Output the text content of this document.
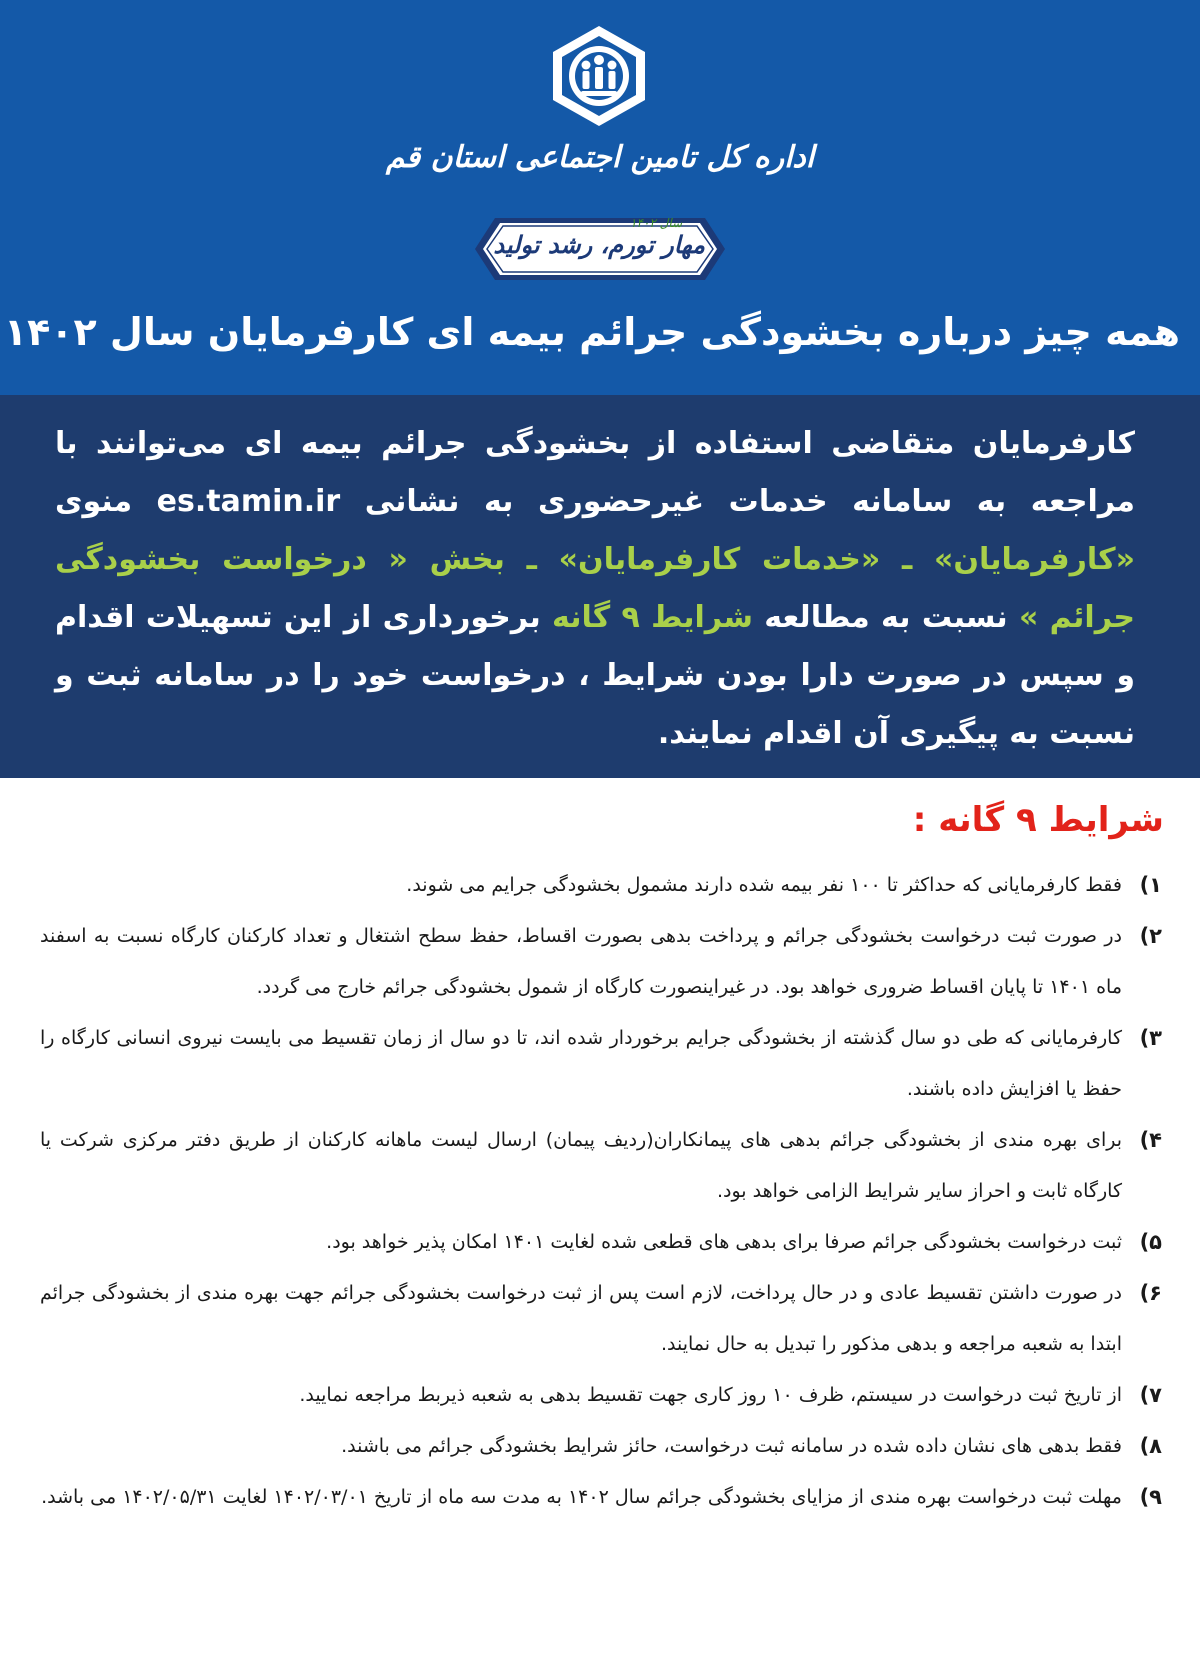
اداره کل تامین اجتماعی استان قم
سال ۱۴۰۲
مهار تورم، رشد تولید
همه چیز درباره بخشودگی جرائم بیمه ای کارفرمایان سال ۱۴۰۲
کارفرمایان متقاضی استفاده از بخشودگی جرائم بیمه ای می‌توانند با مراجعه به سامانه خدمات غیرحضوری به نشانی es.tamin.ir منوی «کارفرمایان» ـ «خدمات کارفرمایان» ـ بخش « درخواست بخشودگی جرائم » نسبت به مطالعه شرایط ۹ گانه برخورداری از این تسهیلات اقدام و سپس در صورت دارا بودن شرایط ، درخواست خود را در سامانه ثبت و نسبت به پیگیری آن اقدام نمایند.
شرایط ۹ گانه :
۱)
فقط کارفرمایانی که حداکثر تا ۱۰۰ نفر بیمه شده دارند مشمول بخشودگی جرایم می شوند.
۲)
در صورت ثبت درخواست بخشودگی جرائم و پرداخت بدهی بصورت اقساط، حفظ سطح اشتغال و تعداد کارکنان کارگاه نسبت به اسفند ماه ۱۴۰۱ تا پایان اقساط ضروری خواهد بود. در غیراینصورت کارگاه از شمول بخشودگی جرائم خارج می گردد.
۳)
کارفرمایانی که طی دو سال گذشته از بخشودگی جرایم برخوردار شده اند، تا دو سال از زمان تقسیط می بایست نیروی انسانی کارگاه را حفظ یا افزایش داده باشند.
۴)
برای بهره مندی از بخشودگی جرائم بدهی های پیمانکاران(ردیف پیمان) ارسال لیست ماهانه کارکنان از طریق دفتر مرکزی شرکت یا کارگاه ثابت و احراز سایر شرایط الزامی خواهد بود.
۵)
ثبت درخواست بخشودگی جرائم صرفا برای بدهی های قطعی شده لغایت ۱۴۰۱ امکان پذیر خواهد بود.
۶)
در صورت داشتن تقسیط عادی و در حال پرداخت، لازم است پس از ثبت درخواست بخشودگی جرائم جهت بهره مندی از بخشودگی جرائم ابتدا به شعبه مراجعه و بدهی مذکور را تبدیل به حال نمایند.
۷)
از تاریخ ثبت درخواست در سیستم، ظرف ۱۰ روز کاری جهت تقسیط بدهی به شعبه ذیربط مراجعه نمایید.
۸)
فقط بدهی های نشان داده شده در سامانه ثبت درخواست، حائز شرایط بخشودگی جرائم می باشند.
۹)
مهلت ثبت درخواست بهره مندی از مزایای بخشودگی جرائم سال ۱۴۰۲ به مدت سه ماه از تاریخ ۱۴۰۲/۰۳/۰۱ لغایت ۱۴۰۲/۰۵/۳۱ می باشد.
